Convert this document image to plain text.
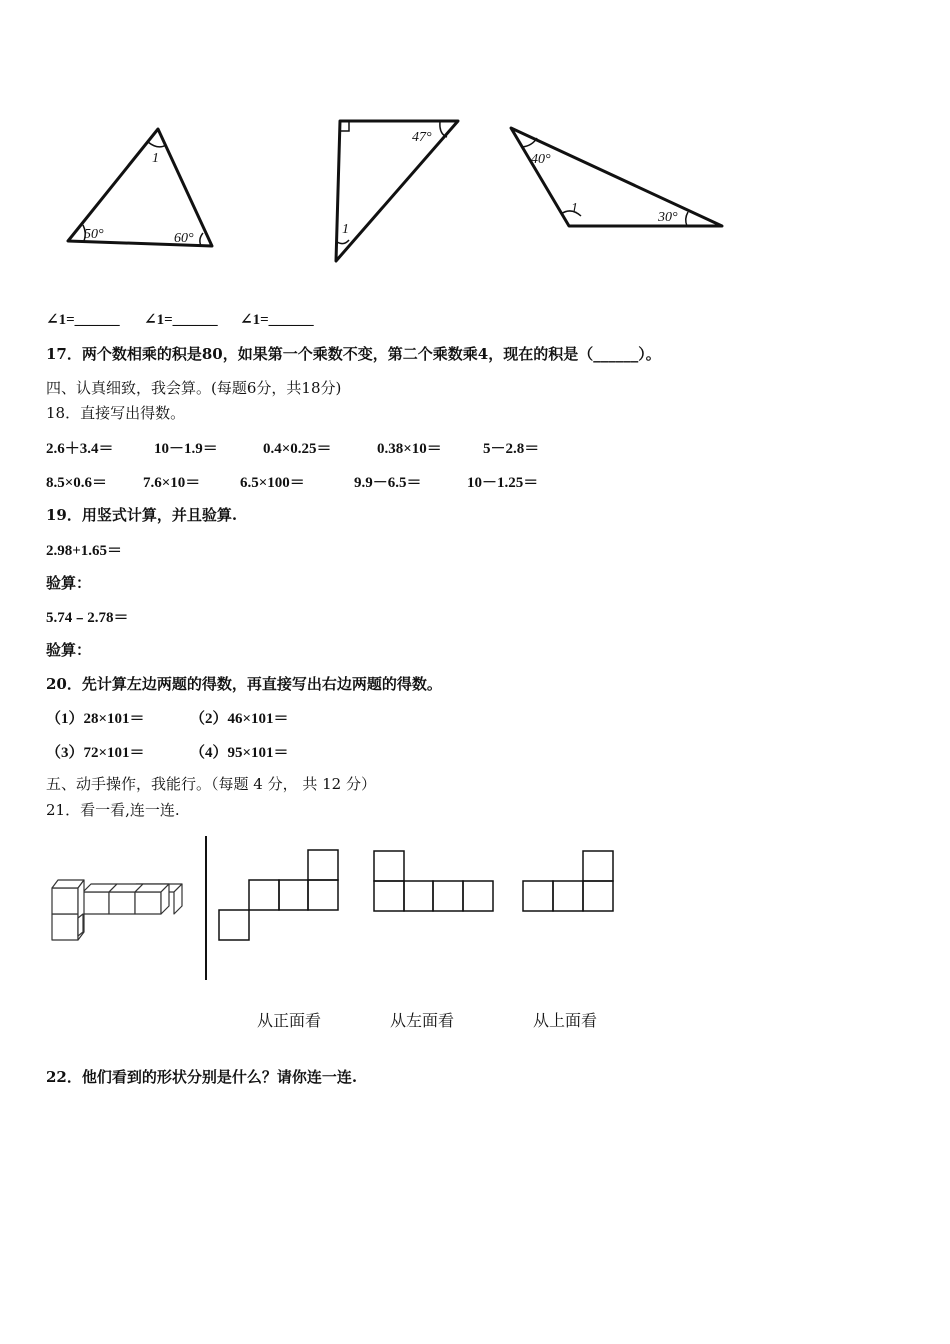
1
50°	60°
47°
1
40°
1
30°
∠1=______ ∠1=______ ∠1=______
17．两个数相乘的积是80，如果第一个乘数不变，第二个乘数乘4，现在的积是（______）。
四、认真细致，我会算。(每题6分，共18分)
18．直接写出得数。
2.6＋3.4＝	10－1.9＝	0.4×0.25＝	0.38×10＝	5－2.8＝
8.5×0.6＝ 7.6×10＝	6.5×100＝	9.9－6.5＝	10－1.25＝
19．用竖式计算，并且验算.
2.98+1.65＝
验算：
5.74﹣2.78＝
验算：
20．先计算左边两题的得数，再直接写出右边两题的得数。
（1）28×101＝	（2）46×101＝
（3）72×101＝	（4）95×101＝
五、动手操作，我能行。（每题 4 分， 共 12 分）
21．看一看,连一连.
从正面看	从左面看	从上面看
22．他们看到的形状分别是什么？请你连一连.
